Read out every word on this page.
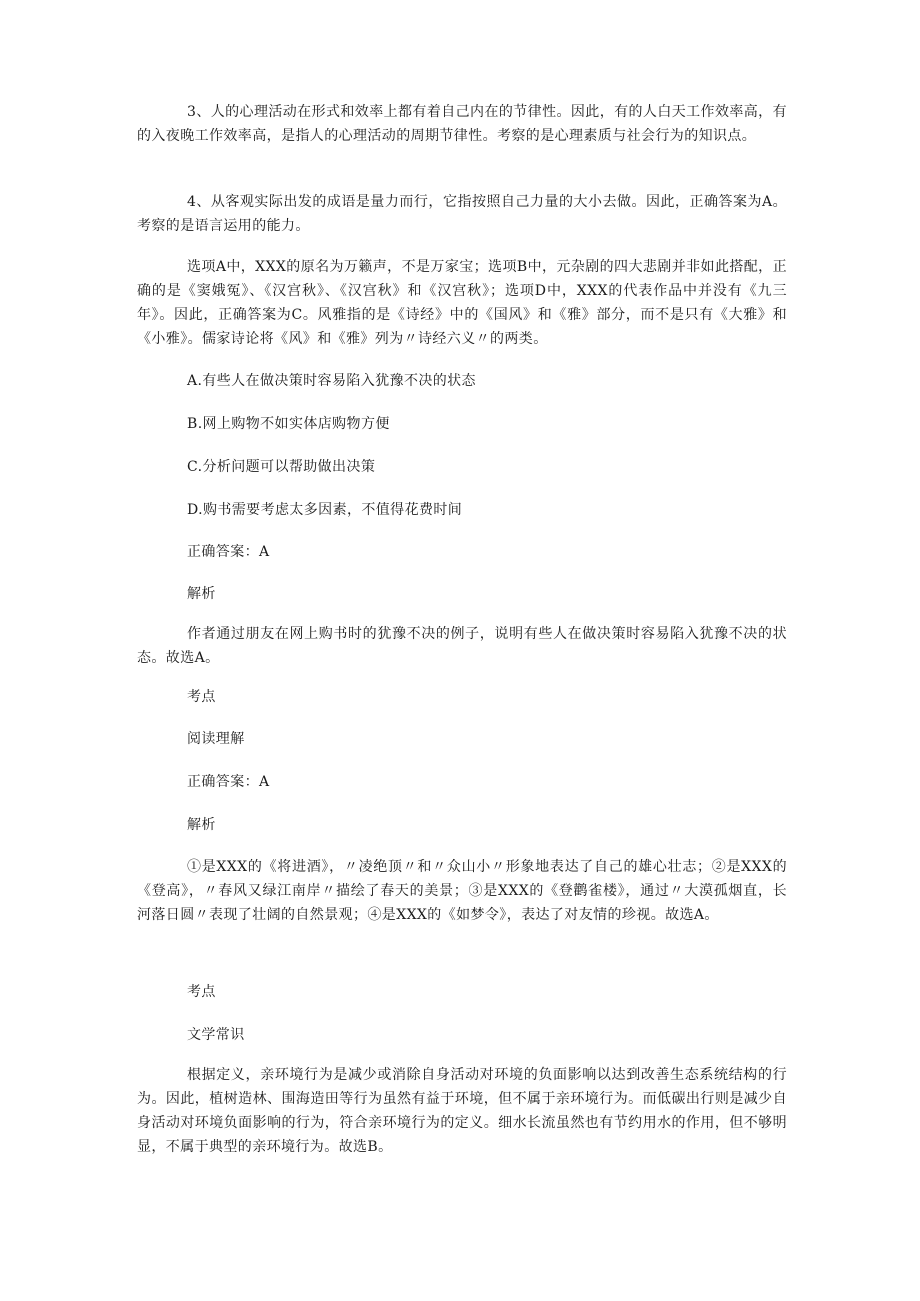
3、人的心理活动在形式和效率上都有着自己内在的节律性。因此，有的人白天工作效率高，有的入夜晚工作效率高，是指人的心理活动的周期节律性。考察的是心理素质与社会行为的知识点。

4、从客观实际出发的成语是量力而行，它指按照自己力量的大小去做。因此，正确答案为A。考察的是语言运用的能力。

选项A中，XXX的原名为万籁声，不是万家宝；选项B中，元杂剧的四大悲剧并非如此搭配，正确的是《窦娥冤》、《汉宫秋》、《汉宫秋》和《汉宫秋》；选项D中，XXX的代表作品中并没有《九三年》。因此，正确答案为C。风雅指的是《诗经》中的《国风》和《雅》部分，而不是只有《大雅》和《小雅》。儒家诗论将《风》和《雅》列为〃诗经六义〃的两类。

A.有些人在做决策时容易陷入犹豫不决的状态

B.网上购物不如实体店购物方便

C.分析问题可以帮助做出决策

D.购书需要考虑太多因素，不值得花费时间

正确答案：A

解析

作者通过朋友在网上购书时的犹豫不决的例子，说明有些人在做决策时容易陷入犹豫不决的状态。故选A。

考点

阅读理解

正确答案：A

解析

①是XXX的《将进酒》，〃凌绝顶〃和〃众山小〃形象地表达了自己的雄心壮志；②是XXX的《登高》，〃春风又绿江南岸〃描绘了春天的美景；③是XXX的《登鹳雀楼》，通过〃大漠孤烟直，长河落日圆〃表现了壮阔的自然景观；④是XXX的《如梦令》，表达了对友情的珍视。故选A。

考点

文学常识

根据定义，亲环境行为是减少或消除自身活动对环境的负面影响以达到改善生态系统结构的行为。因此，植树造林、围海造田等行为虽然有益于环境，但不属于亲环境行为。而低碳出行则是减少自身活动对环境负面影响的行为，符合亲环境行为的定义。细水长流虽然也有节约用水的作用，但不够明显，不属于典型的亲环境行为。故选B。
